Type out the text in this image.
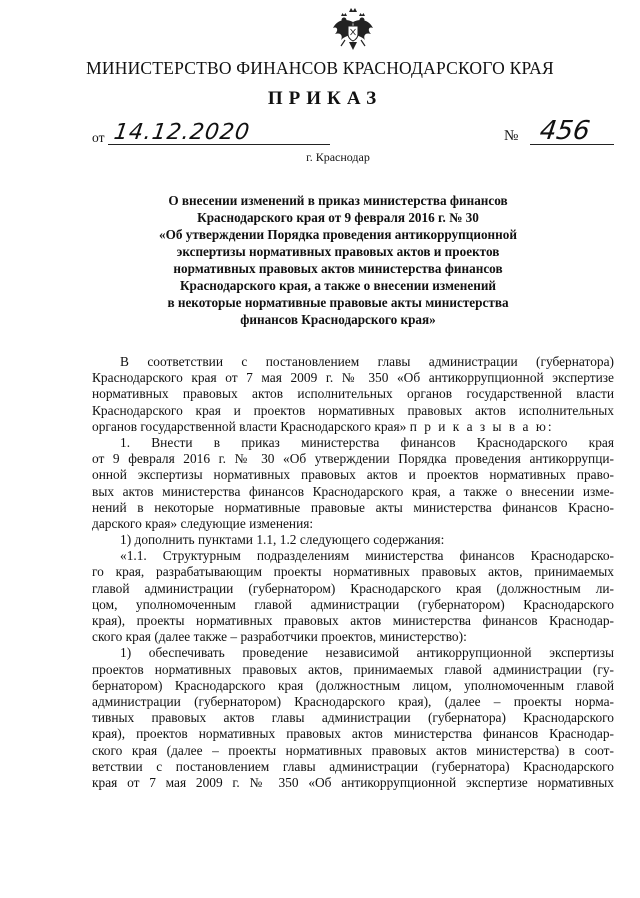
МИНИСТЕРСТВО ФИНАНСОВ КРАСНОДАРСКОГО КРАЯ
ПРИКАЗ
от 14.12.2020	№ 456
г. Краснодар
О внесении изменений в приказ министерства финансов
Краснодарского края от 9 февраля 2016 г. № 30
«Об утверждении Порядка проведения антикоррупционной
экспертизы нормативных правовых актов и проектов
нормативных правовых актов министерства финансов
Краснодарского края, а также о внесении изменений
в некоторые нормативные правовые акты министерства
финансов Краснодарского края»
В соответствии с постановлением главы администрации (губернатора)
Краснодарского края от 7 мая 2009 г. № 350 «Об антикоррупционной экспертизе
нормативных правовых актов исполнительных органов государственной власти
Краснодарского края и проектов нормативных правовых актов исполнительных
органов государственной власти Краснодарского края» п р и к а з ы в а ю:
1. Внести в приказ министерства финансов Краснодарского края
от 9 февраля 2016 г. № 30 «Об утверждении Порядка проведения антикоррупци-
онной экспертизы нормативных правовых актов и проектов нормативных право-
вых актов министерства финансов Краснодарского края, а также о внесении изме-
нений в некоторые нормативные правовые акты министерства финансов Красно-
дарского края» следующие изменения:
1) дополнить пунктами 1.1, 1.2 следующего содержания:
«1.1. Структурным подразделениям министерства финансов Краснодарско-
го края, разрабатывающим проекты нормативных правовых актов, принимаемых
главой администрации (губернатором) Краснодарского края (должностным ли-
цом, уполномоченным главой администрации (губернатором) Краснодарского
края), проекты нормативных правовых актов министерства финансов Краснодар-
ского края (далее также – разработчики проектов, министерство):
1) обеспечивать проведение независимой антикоррупционной экспертизы
проектов нормативных правовых актов, принимаемых главой администрации (гу-
бернатором) Краснодарского края (должностным лицом, уполномоченным главой
администрации (губернатором) Краснодарского края), (далее – проекты норма-
тивных правовых актов главы администрации (губернатора) Краснодарского
края), проектов нормативных правовых актов министерства финансов Краснодар-
ского края (далее – проекты нормативных правовых актов министерства) в соот-
ветствии с постановлением главы администрации (губернатора) Краснодарского
края от 7 мая 2009 г. № 350 «Об антикоррупционной экспертизе нормативных
